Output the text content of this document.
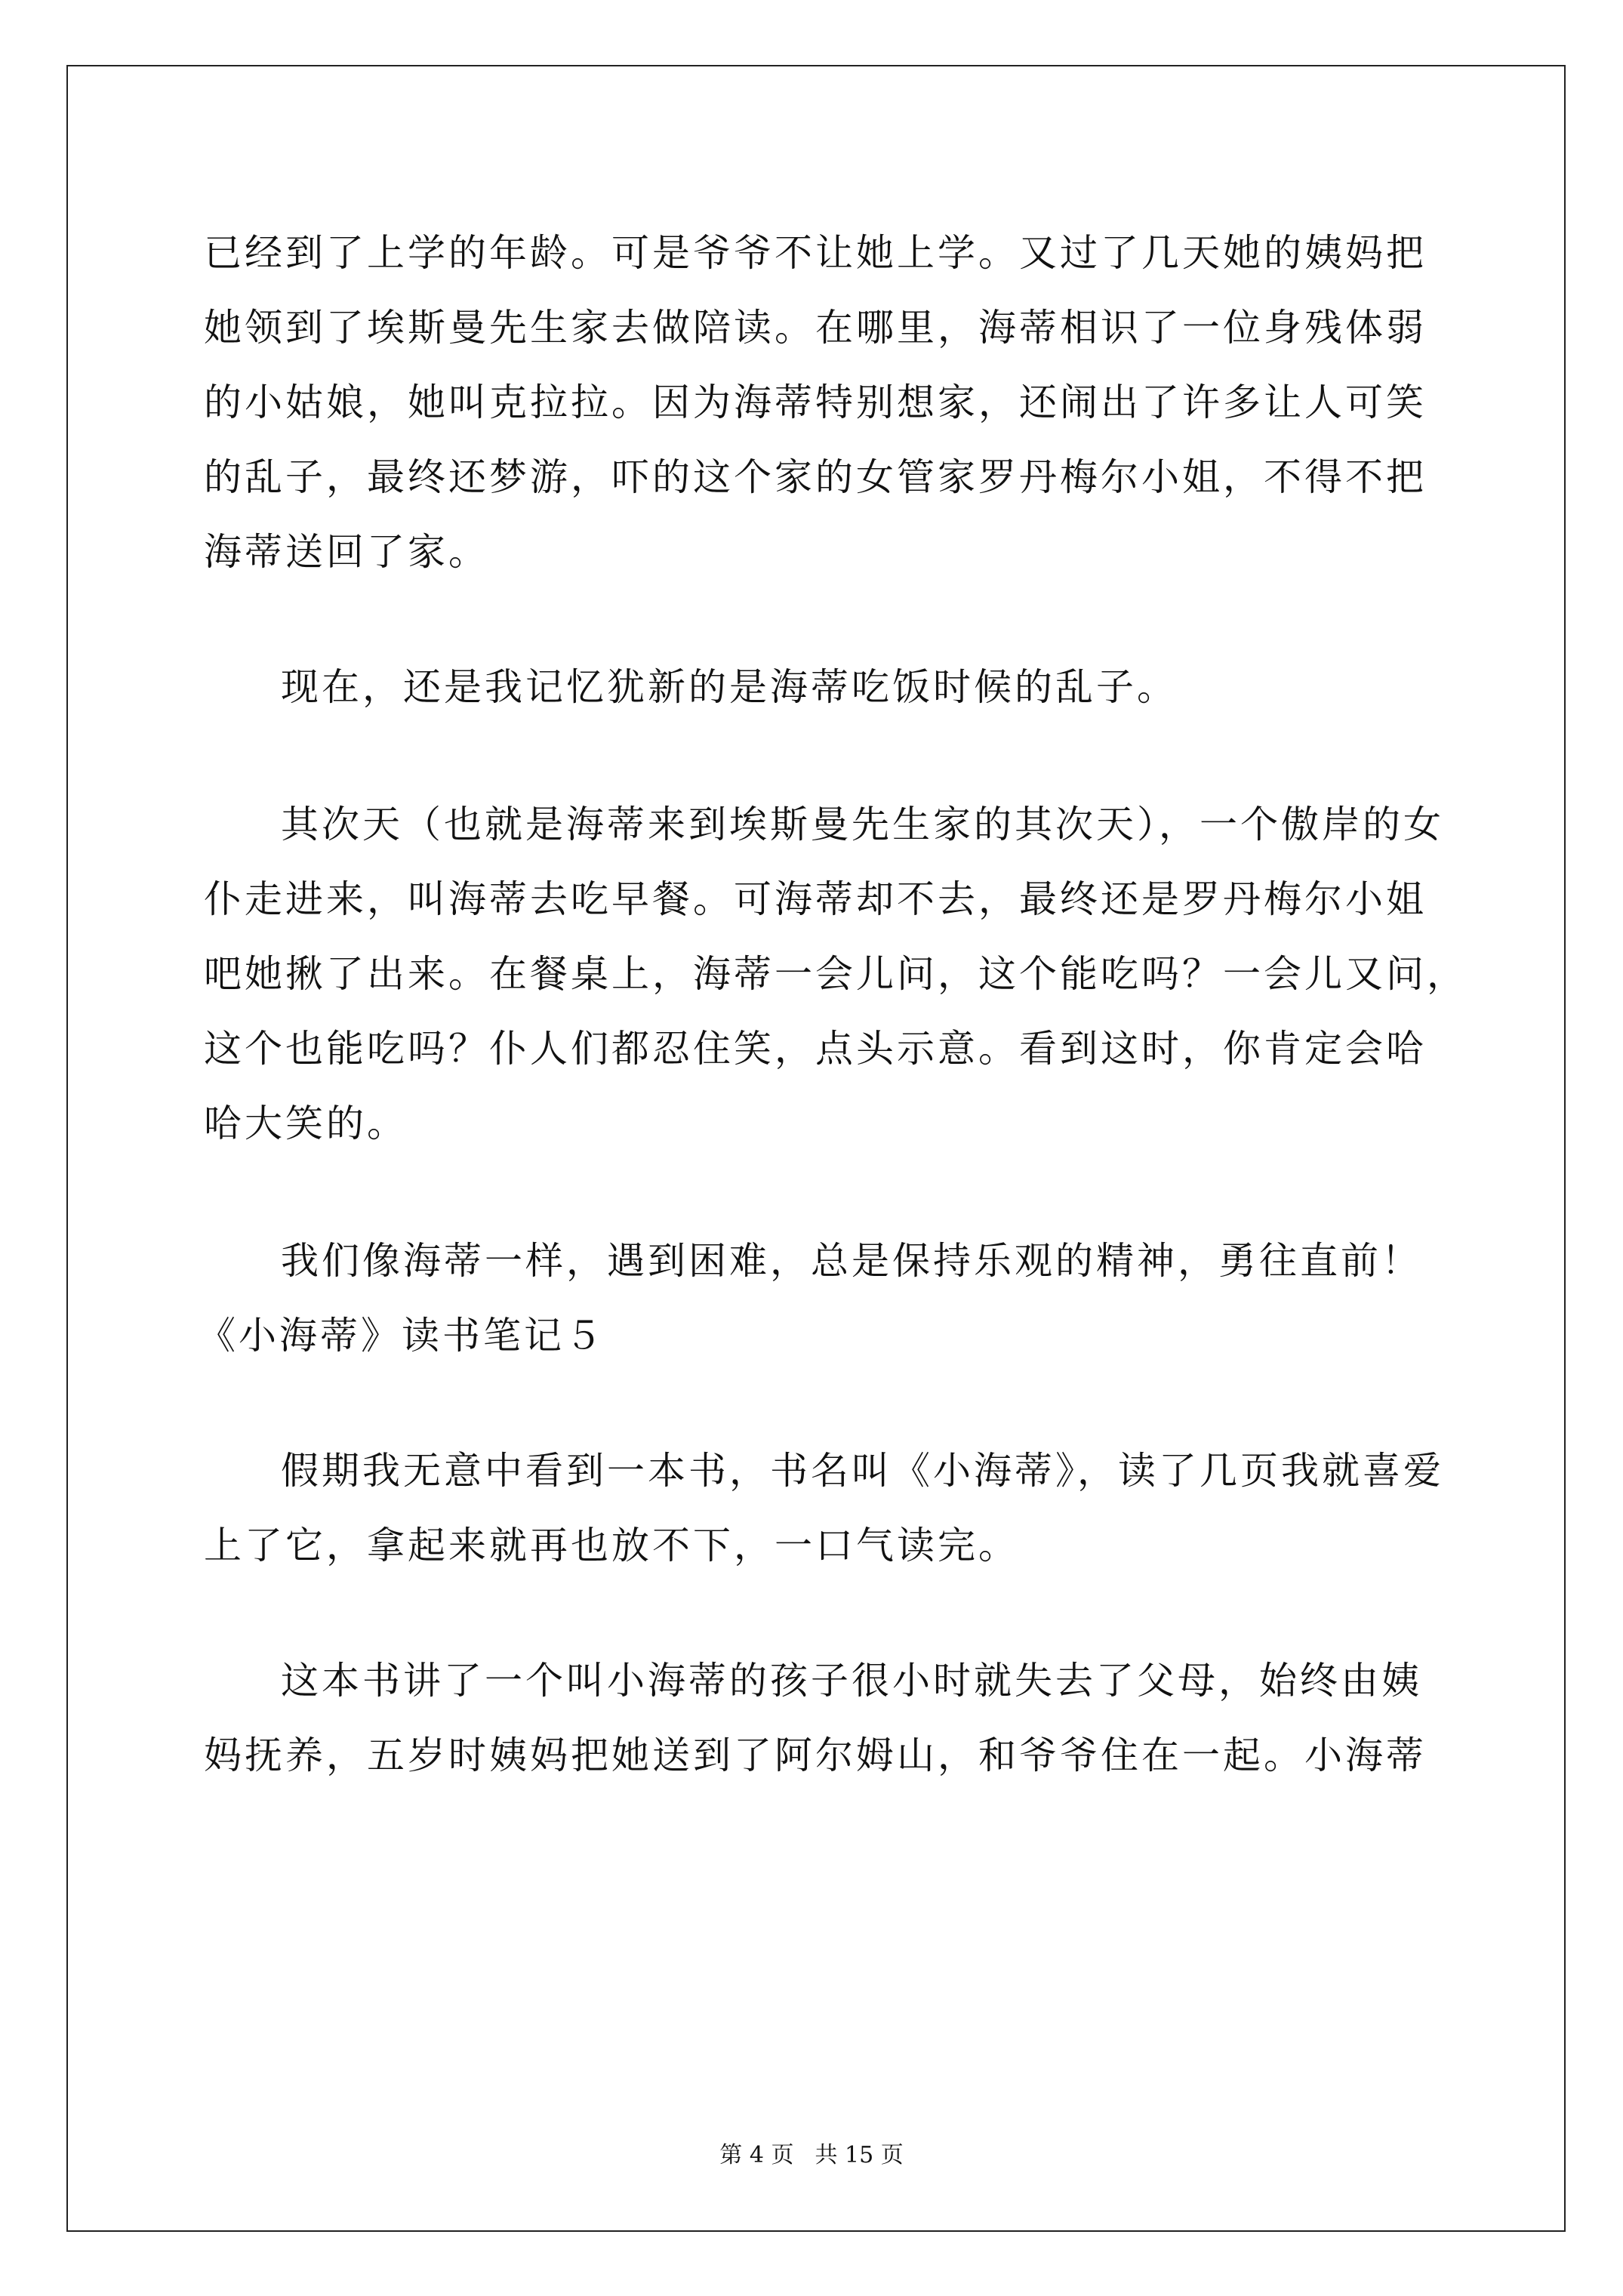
已经到了上学的年龄。可是爷爷不让她上学。又过了几天她的姨妈把
她领到了埃斯曼先生家去做陪读。在哪里，海蒂相识了一位身残体弱
的小姑娘，她叫克拉拉。因为海蒂特别想家，还闹出了许多让人可笑
的乱子，最终还梦游，吓的这个家的女管家罗丹梅尔小姐，不得不把
海蒂送回了家。
现在，还是我记忆犹新的是海蒂吃饭时候的乱子。
其次天（也就是海蒂来到埃斯曼先生家的其次天），一个傲岸的女
仆走进来，叫海蒂去吃早餐。可海蒂却不去，最终还是罗丹梅尔小姐
吧她揪了出来。在餐桌上，海蒂一会儿问，这个能吃吗？一会儿又问，
这个也能吃吗？仆人们都忍住笑，点头示意。看到这时，你肯定会哈
哈大笑的。
我们像海蒂一样，遇到困难，总是保持乐观的精神，勇往直前！
《小海蒂》读书笔记５
假期我无意中看到一本书，书名叫《小海蒂》，读了几页我就喜爱
上了它，拿起来就再也放不下，一口气读完。
这本书讲了一个叫小海蒂的孩子很小时就失去了父母，始终由姨
妈抚养，五岁时姨妈把她送到了阿尔姆山，和爷爷住在一起。小海蒂
第 4 页 共 15 页
